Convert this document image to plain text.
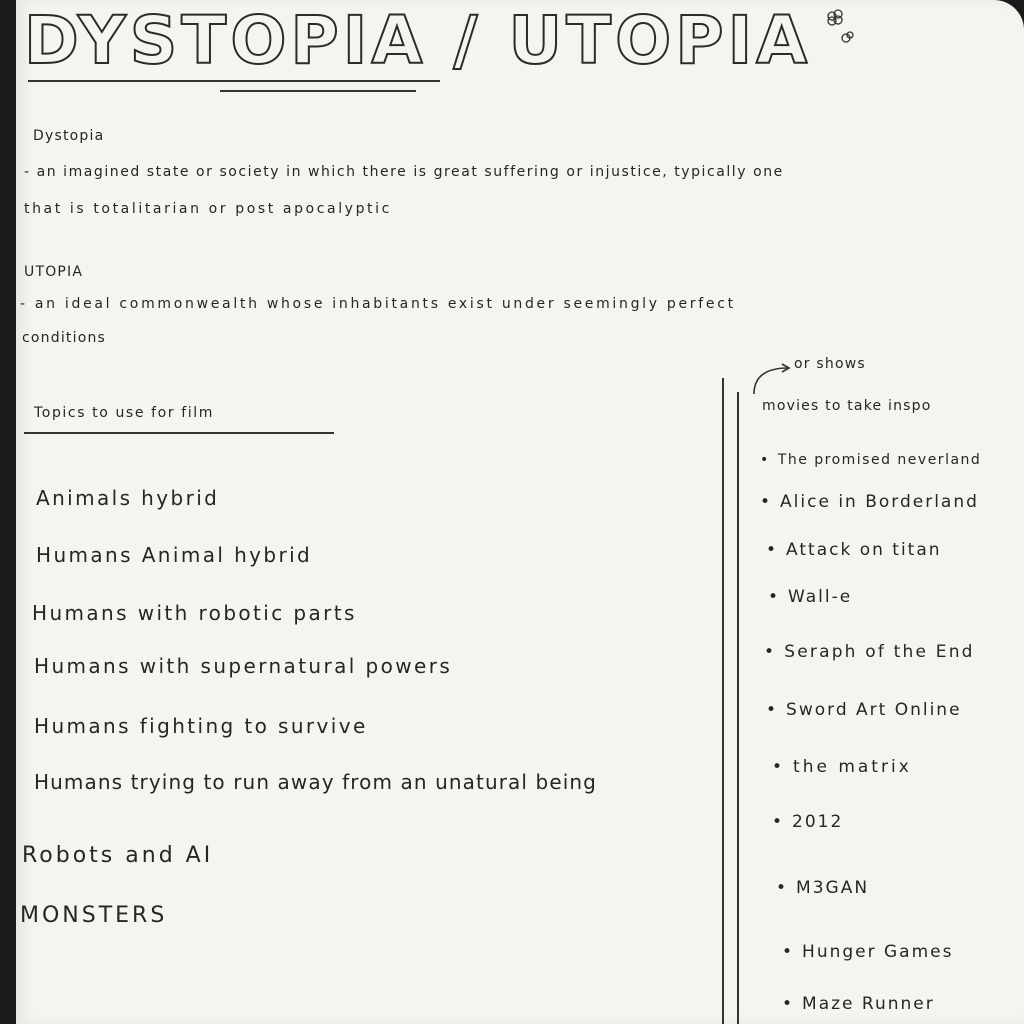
DYSTOPIA / UTOPIA

Dystopia

- an imagined state or society in which there is great suffering or injustice, typically one

that is totalitarian or post apocalyptic

UTOPIA

- an ideal commonwealth whose inhabitants exist under seemingly perfect

conditions

Topics to use for film

Animals hybrid
Humans Animal hybrid
Humans with robotic parts
Humans with supernatural powers
Humans fighting to survive
Humans trying to run away from an unatural being
Robots and AI
MONSTERS

or shows

movies to take inspo

• The promised neverland
• Alice in Borderland
• Attack on titan
• Wall-e
• Seraph of the End
• Sword Art Online
• the matrix
• 2012
• M3GAN
• Hunger Games
• Maze Runner
